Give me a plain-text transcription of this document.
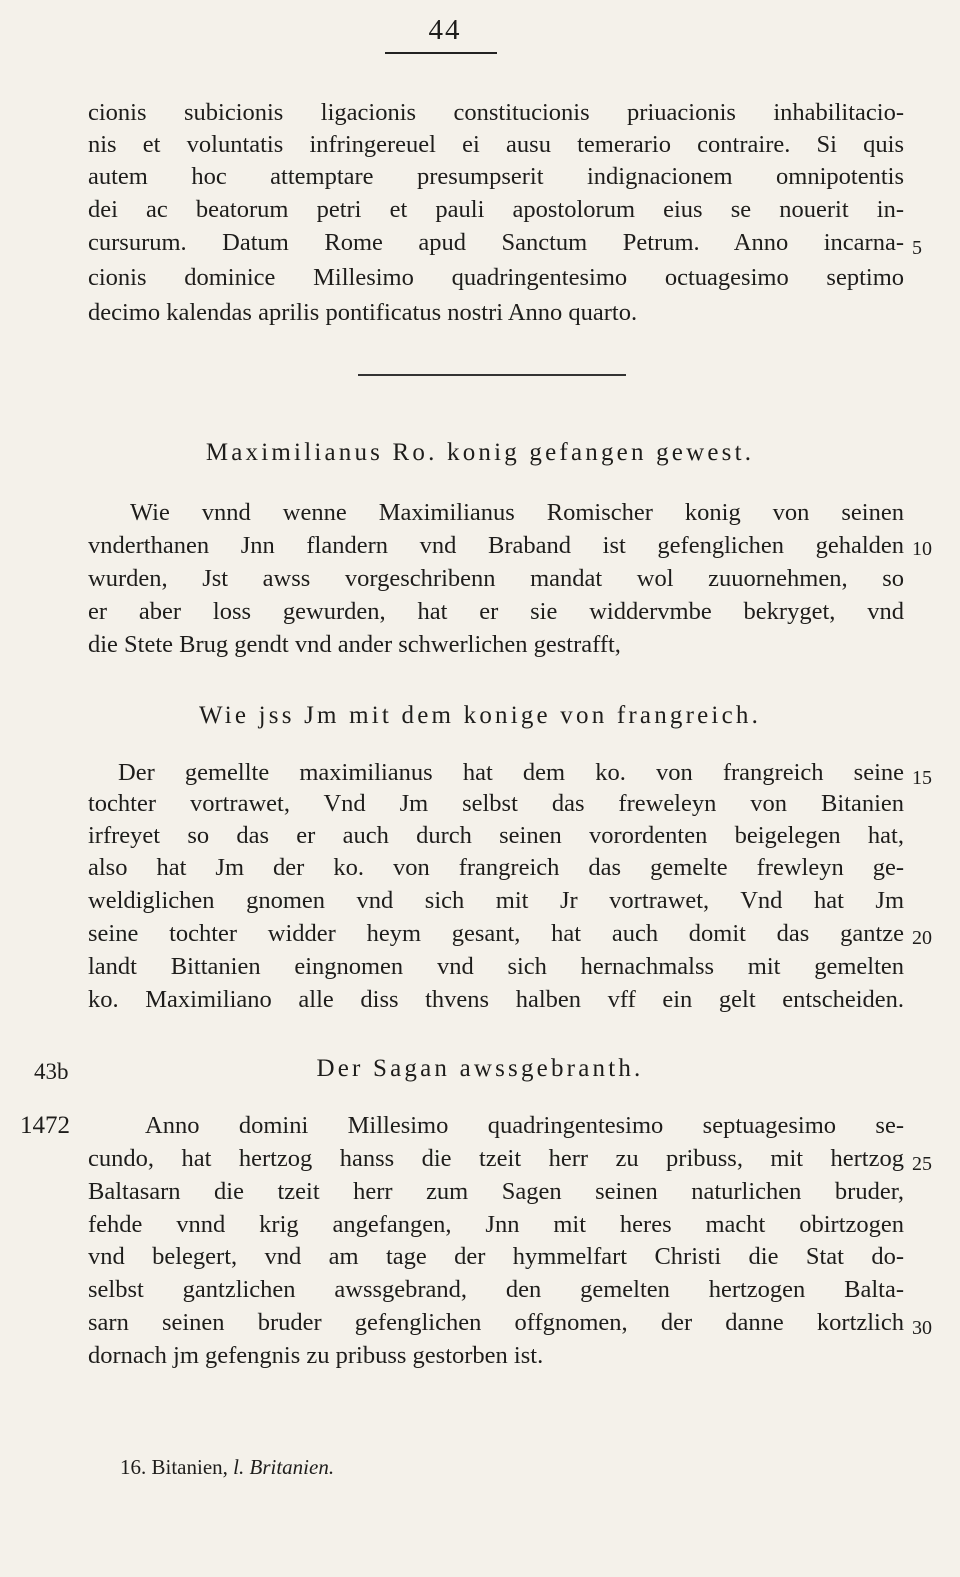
44
cionis subicionis ligacionis constitucionis priuacionis inhabilitacio-
nis et voluntatis infringereuel ei ausu temerario contraire. Si quis
autem hoc attemptare presumpserit indignacionem omnipotentis
dei ac beatorum petri et pauli apostolorum eius se nouerit in-
cursurum. Datum Rome apud Sanctum Petrum. Anno incarna-
cionis dominice Millesimo quadringentesimo octuagesimo septimo
decimo kalendas aprilis pontificatus nostri Anno quarto.
Maximilianus Ro. konig gefangen gewest.
Wie vnnd wenne Maximilianus Romischer konig von seinen
vnderthanen Jnn flandern vnd Braband ist gefenglichen gehalden
wurden, Jst awss vorgeschribenn mandat wol zuuornehmen, so
er aber loss gewurden, hat er sie widdervmbe bekryget, vnd
die Stete Brug gendt vnd ander schwerlichen gestrafft,
Wie jss Jm mit dem konige von frangreich.
Der gemellte maximilianus hat dem ko. von frangreich seine
tochter vortrawet, Vnd Jm selbst das freweleyn von Bitanien
irfreyet so das er auch durch seinen vorordenten beigelegen hat,
also hat Jm der ko. von frangreich das gemelte frewleyn ge-
weldiglichen gnomen vnd sich mit Jr vortrawet, Vnd hat Jm
seine tochter widder heym gesant, hat auch domit das gantze
landt Bittanien eingnomen vnd sich hernachmalss mit gemelten
ko. Maximiliano alle diss thvens halben vff ein gelt entscheiden.
43b	Der Sagan awssgebranth.
1472	Anno domini Millesimo quadringentesimo septuagesimo se-
cundo, hat hertzog hanss die tzeit herr zu pribuss, mit hertzog
Baltasarn die tzeit herr zum Sagen seinen naturlichen bruder,
fehde vnnd krig angefangen, Jnn mit heres macht obirtzogen
vnd belegert, vnd am tage der hymmelfart Christi die Stat do-
selbst gantzlichen awssgebrand, den gemelten hertzogen Balta-
sarn seinen bruder gefenglichen offgnomen, der danne kortzlich
dornach jm gefengnis zu pribuss gestorben ist.
5
10
15
20
25
30
16. Bitanien, l. Britanien.
